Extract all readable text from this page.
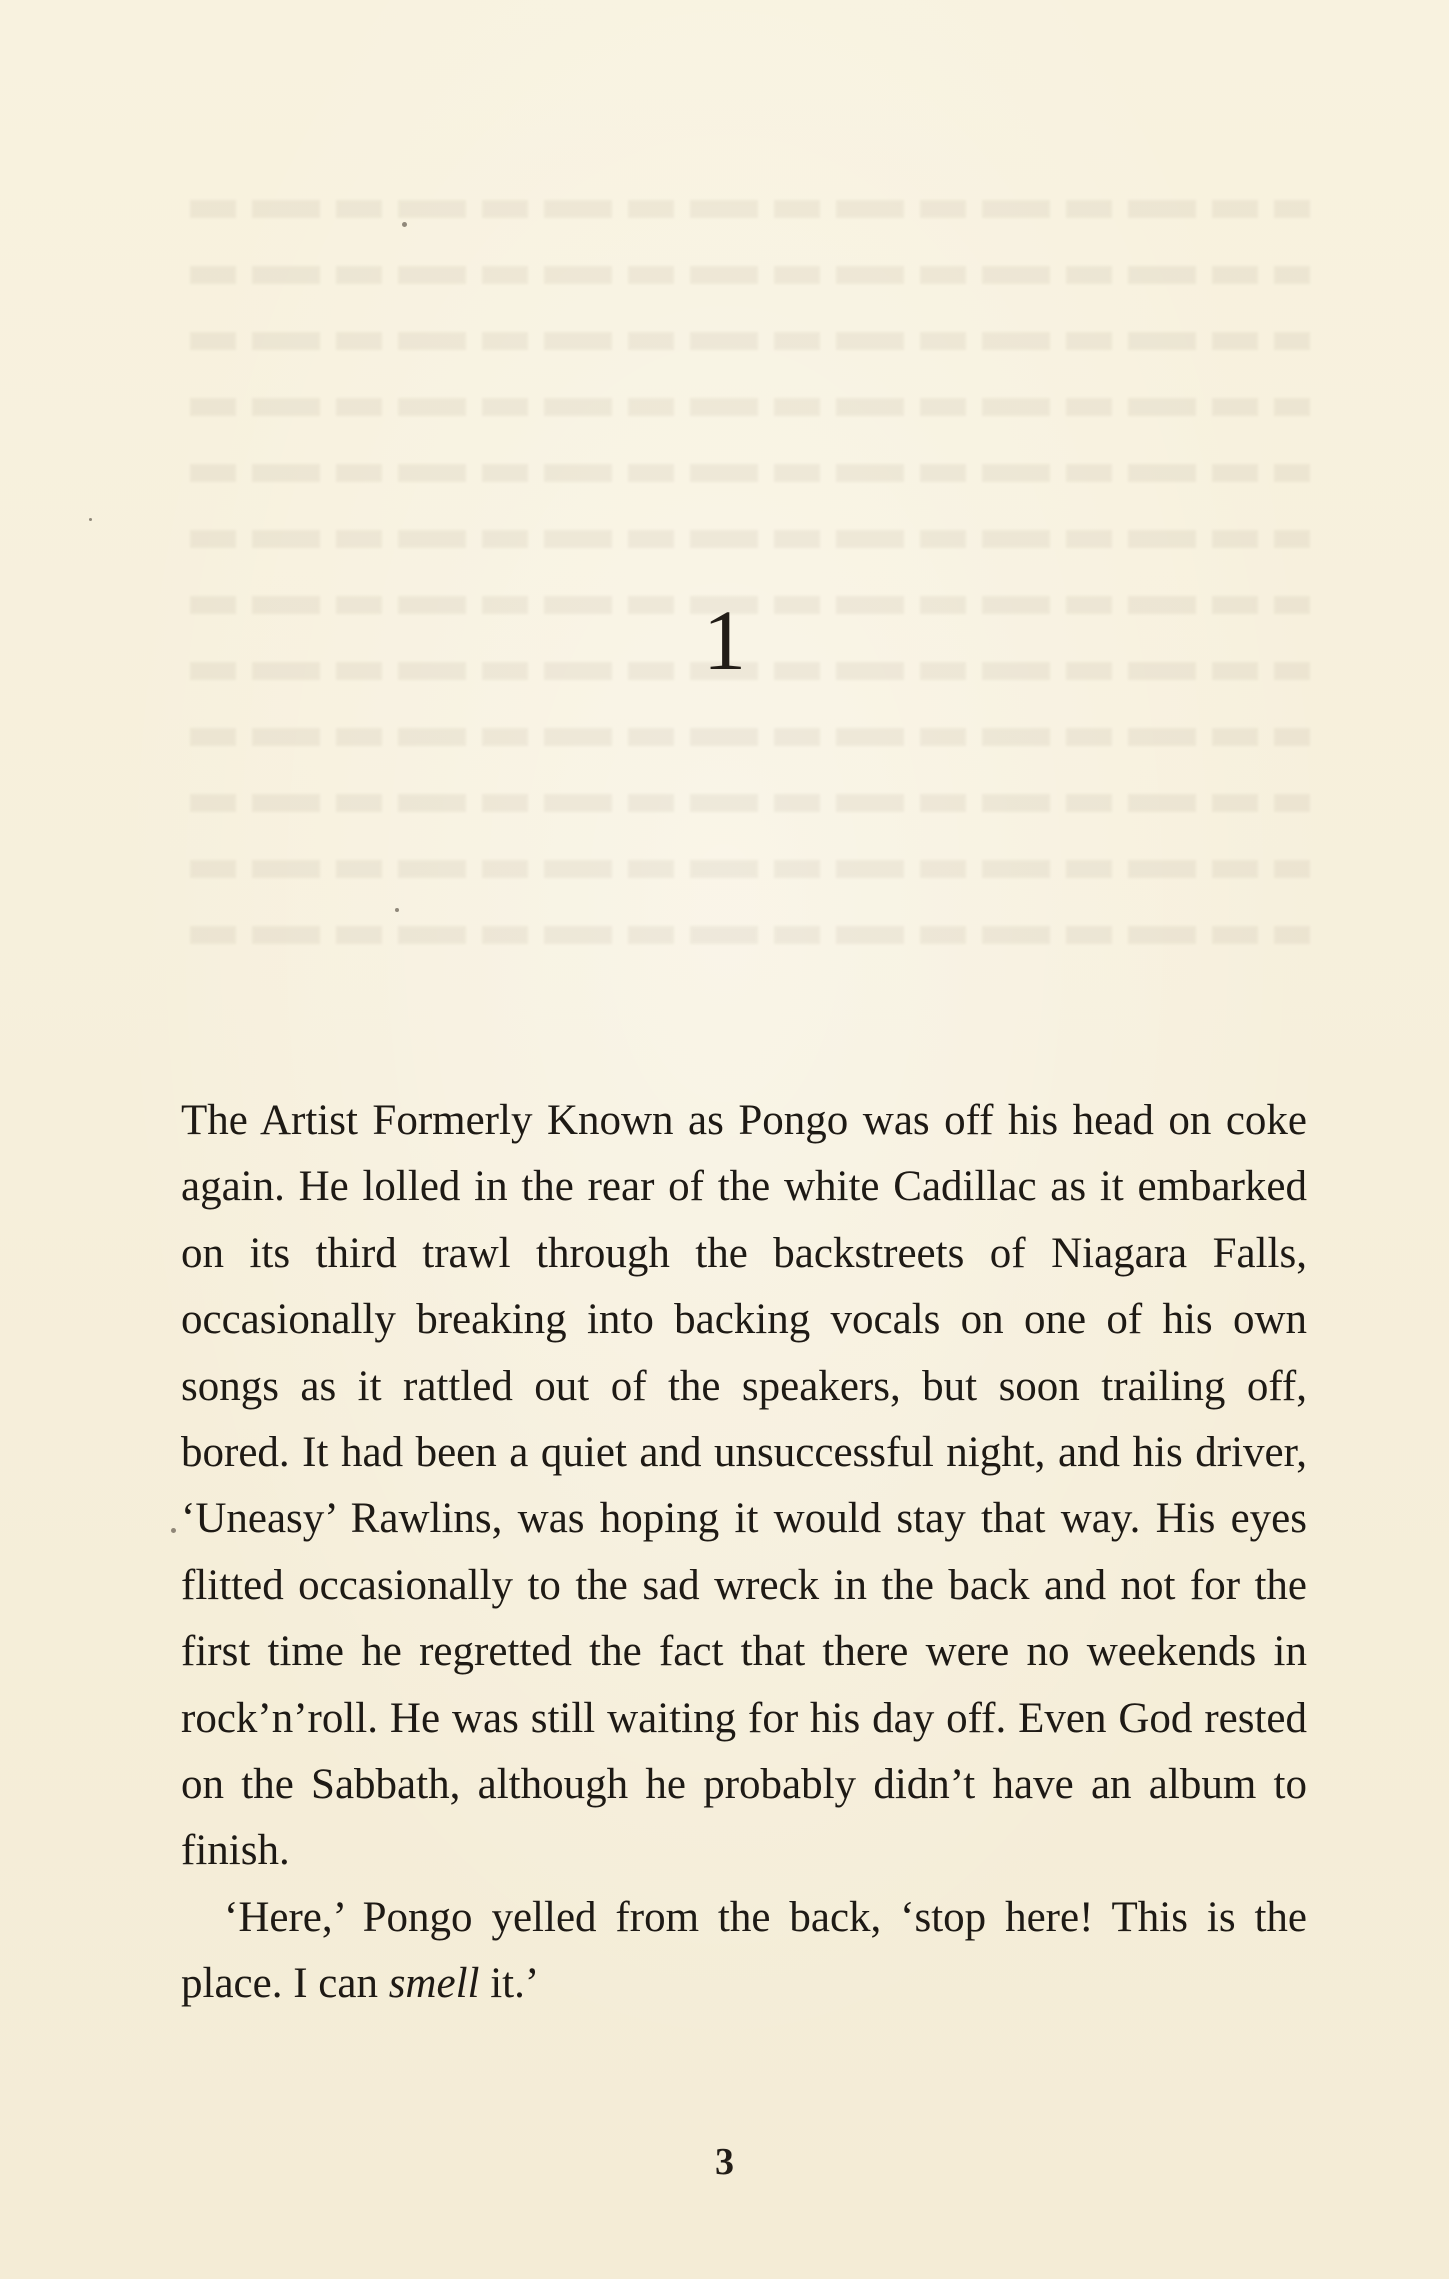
1

The Artist Formerly Known as Pongo was off his head on coke again. He lolled in the rear of the white Cadillac as it embarked on its third trawl through the backstreets of Niagara Falls, occasionally breaking into backing vocals on one of his own songs as it rattled out of the speakers, but soon trailing off, bored. It had been a quiet and unsuccessful night, and his driver, ‘Uneasy’ Rawlins, was hoping it would stay that way. His eyes flitted occasionally to the sad wreck in the back and not for the first time he regretted the fact that there were no weekends in rock’n’roll. He was still waiting for his day off. Even God rested on the Sabbath, although he probably didn’t have an album to finish.

‘Here,’ Pongo yelled from the back, ‘stop here! This is the place. I can smell it.’

3
